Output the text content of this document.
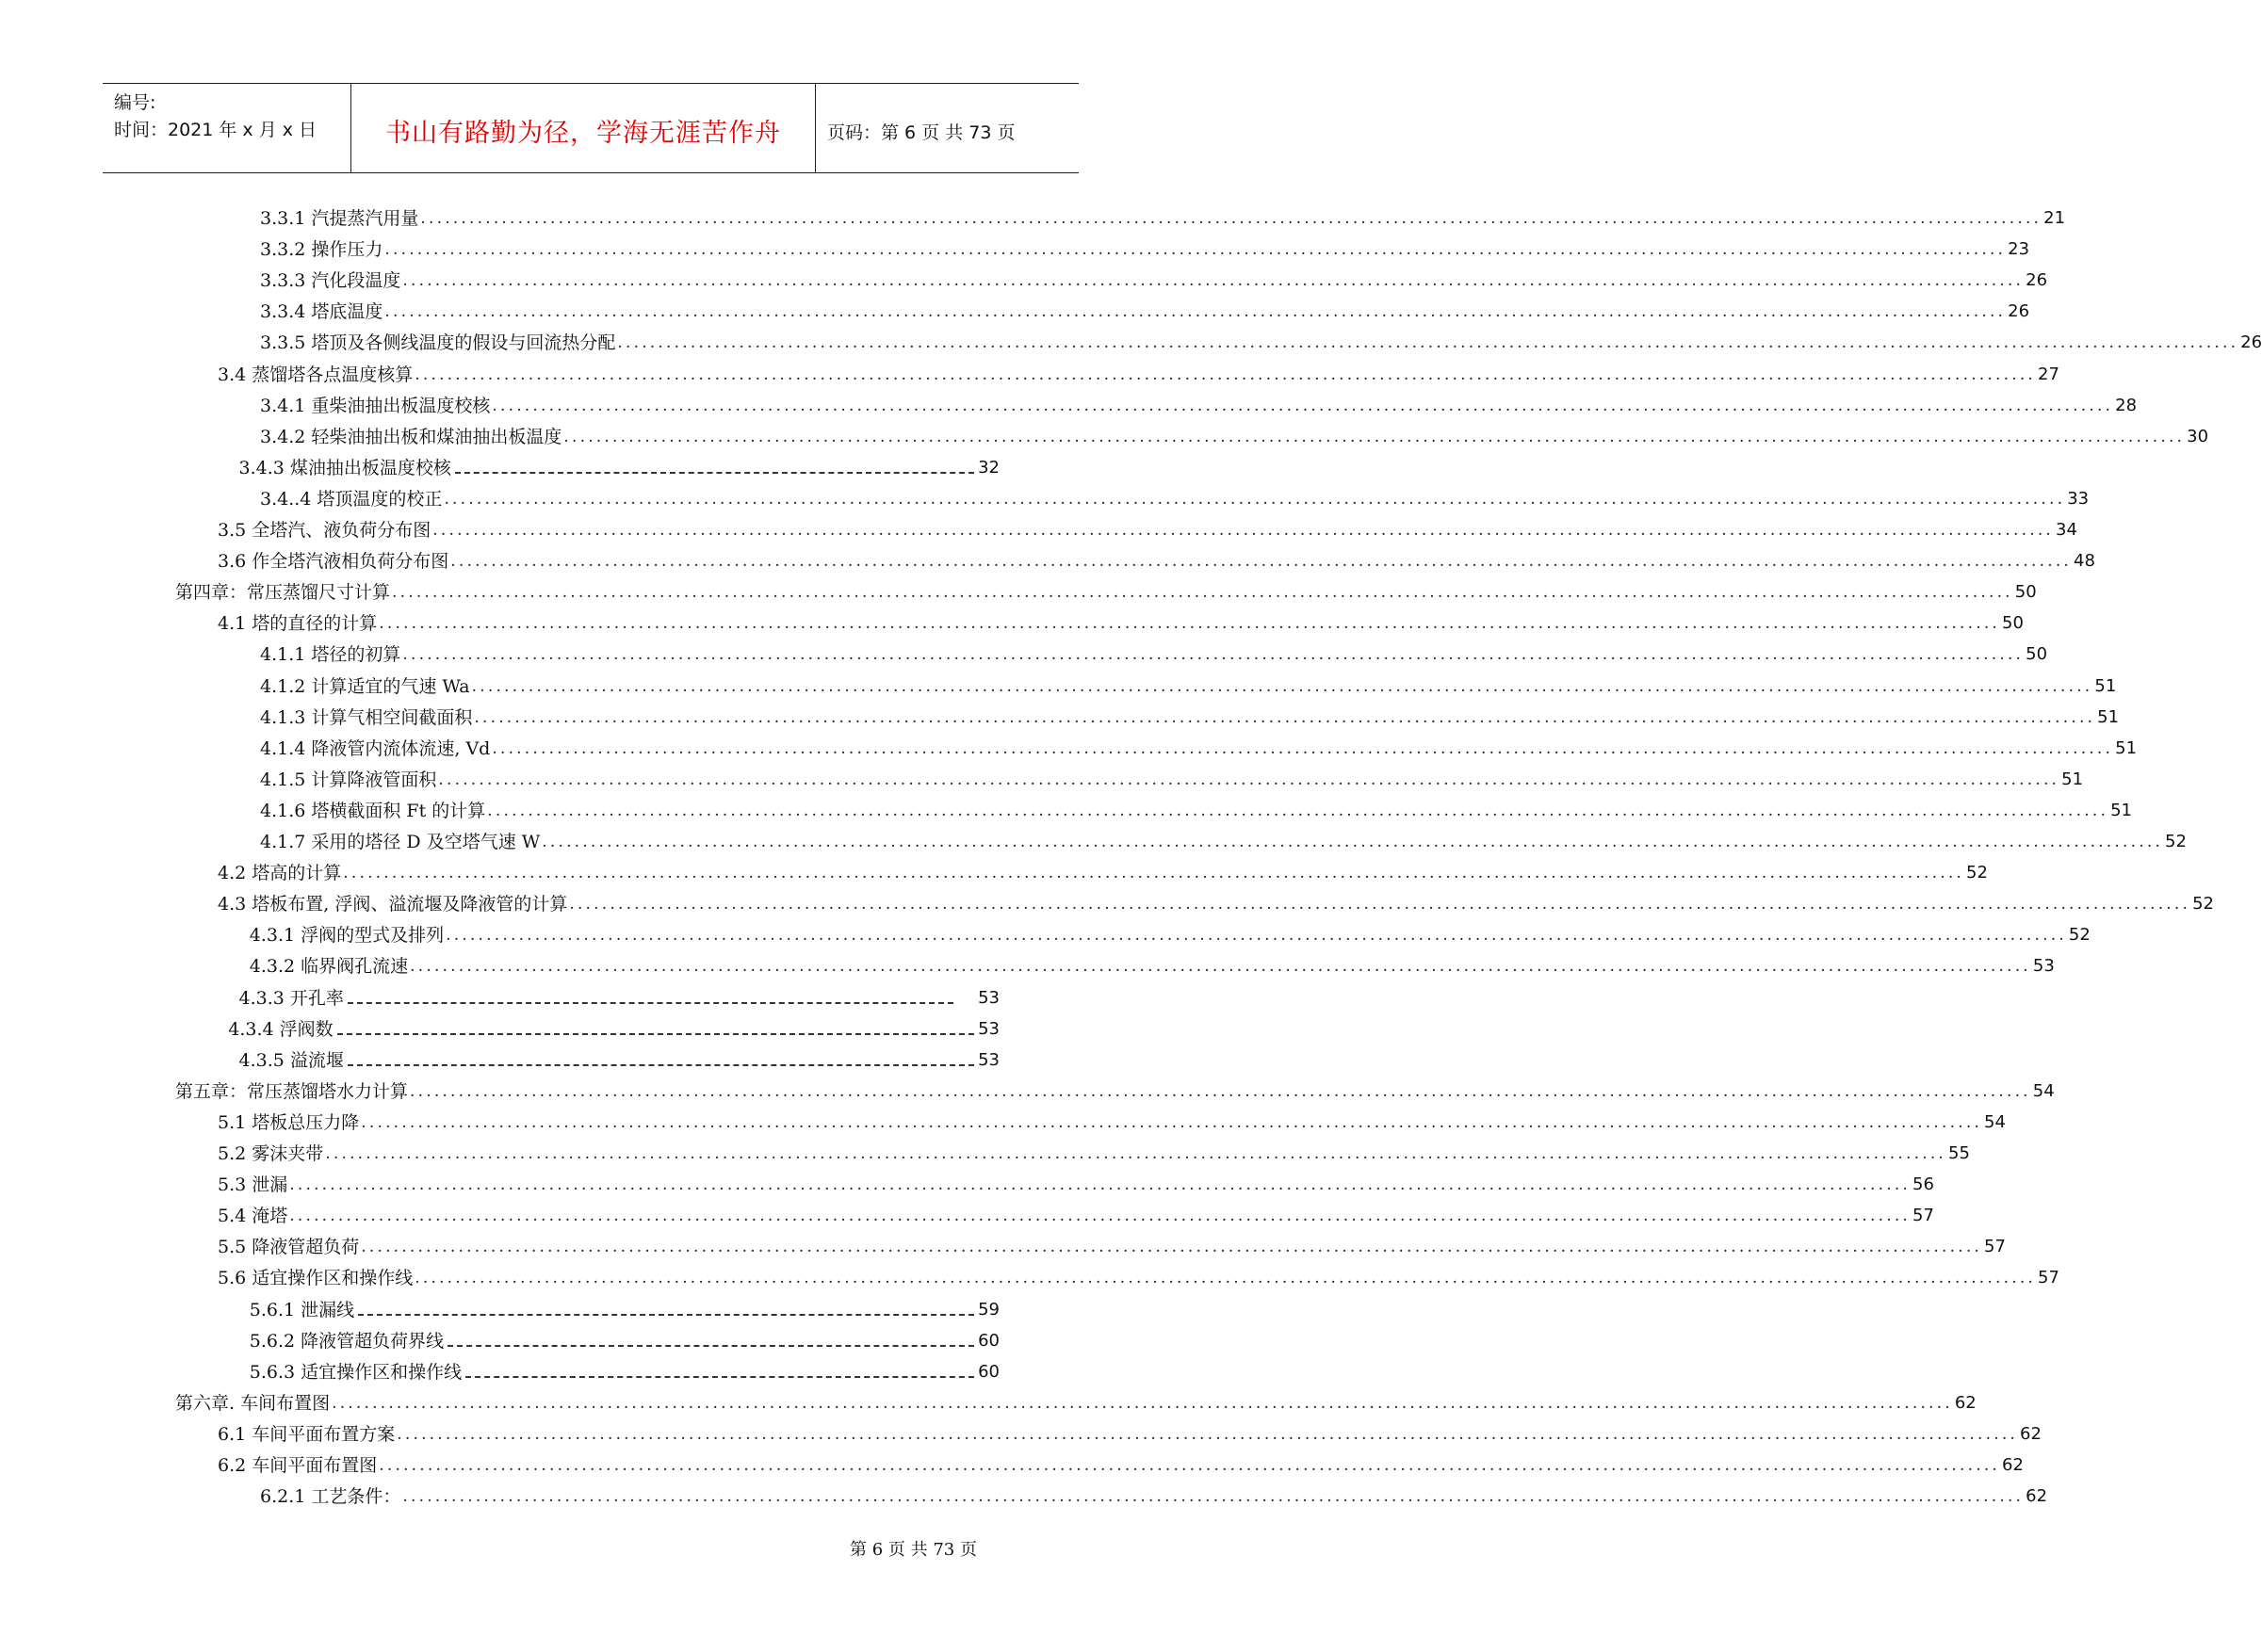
编号:
时间：2021 年 x 月 x 日	书山有路勤为径，学海无涯苦作舟	页码：第 6 页 共 73 页
3.3.1 汽提蒸汽用量 ........................................................................................................................................................................................................ 21
3.3.2 操作压力 ........................................................................................................................................................................................................ 23
3.3.3 汽化段温度 ........................................................................................................................................................................................................ 26
3.3.4 塔底温度 ........................................................................................................................................................................................................ 26
3.3.5 塔顶及各侧线温度的假设与回流热分配 ........................................................................................................................................................................................................ 26
3.4 蒸馏塔各点温度核算 ........................................................................................................................................................................................................ 27
3.4.1 重柴油抽出板温度校核 ........................................................................................................................................................................................................ 28
3.4.2 轻柴油抽出板和煤油抽出板温度 ........................................................................................................................................................................................................ 30
3.4.3 煤油抽出板温度校核	32
3.4..4 塔顶温度的校正 ........................................................................................................................................................................................................ 33
3.5 全塔汽、液负荷分布图 ........................................................................................................................................................................................................ 34
3.6 作全塔汽液相负荷分布图 ........................................................................................................................................................................................................ 48
第四章：常压蒸馏尺寸计算 ........................................................................................................................................................................................................ 50
4.1 塔的直径的计算 ........................................................................................................................................................................................................ 50
4.1.1 塔径的初算 ........................................................................................................................................................................................................ 50
4.1.2 计算适宜的气速 Wa ........................................................................................................................................................................................................ 51
4.1.3 计算气相空间截面积 ........................................................................................................................................................................................................ 51
4.1.4 降液管内流体流速, Vd ........................................................................................................................................................................................................ 51
4.1.5 计算降液管面积 ........................................................................................................................................................................................................ 51
4.1.6 塔横截面积 Ft 的计算 ........................................................................................................................................................................................................ 51
4.1.7 采用的塔径 D 及空塔气速 W ........................................................................................................................................................................................................ 52
4.2 塔高的计算 ........................................................................................................................................................................................................ 52
4.3 塔板布置, 浮阀、溢流堰及降液管的计算 ........................................................................................................................................................................................................ 52
4.3.1 浮阀的型式及排列 ........................................................................................................................................................................................................ 52
4.3.2 临界阀孔流速 ........................................................................................................................................................................................................ 53
4.3.3 开孔率	53
4.3.4 浮阀数	53
4.3.5 溢流堰	53
第五章：常压蒸馏塔水力计算 ........................................................................................................................................................................................................ 54
5.1 塔板总压力降 ........................................................................................................................................................................................................ 54
5.2 雾沫夹带 ........................................................................................................................................................................................................ 55
5.3 泄漏 ........................................................................................................................................................................................................ 56
5.4 淹塔 ........................................................................................................................................................................................................ 57
5.5 降液管超负荷 ........................................................................................................................................................................................................ 57
5.6 适宜操作区和操作线 ........................................................................................................................................................................................................ 57
5.6.1 泄漏线	59
5.6.2 降液管超负荷界线	60
5.6.3 适宜操作区和操作线	60
第六章. 车间布置图 ........................................................................................................................................................................................................ 62
6.1 车间平面布置方案 ........................................................................................................................................................................................................ 62
6.2 车间平面布置图 ........................................................................................................................................................................................................ 62
6.2.1 工艺条件： ........................................................................................................................................................................................................ 62
第 6 页 共 73 页
